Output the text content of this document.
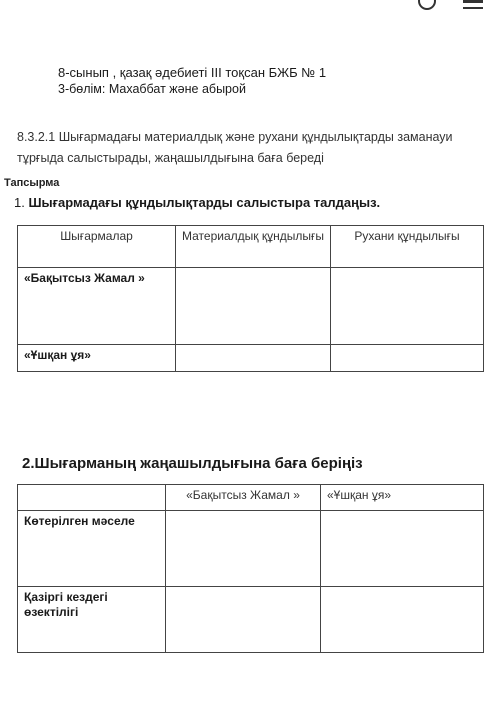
8-сынып , қазақ әдебиеті ІІІ тоқсан БЖБ № 1
3-бөлім: Махаббат және абырой
8.3.2.1 Шығармадағы материалдық және рухани құндылықтарды заманауи тұрғыда салыстырады, жаңашылдығына баға береді
Тапсырма
1. Шығармадағы құндылықтарды салыстыра талдаңыз.
Шығармалар	Материалдық құндылығы	Рухани құндылығы
«Бақытсыз Жамал »		
«Ұшқан ұя»		
2.Шығарманың жаңашылдығына баға беріңіз
	«Бақытсыз Жамал »	«Ұшқан ұя»
Көтерілген мәселе		
Қазіргі кездегі өзектілігі		
